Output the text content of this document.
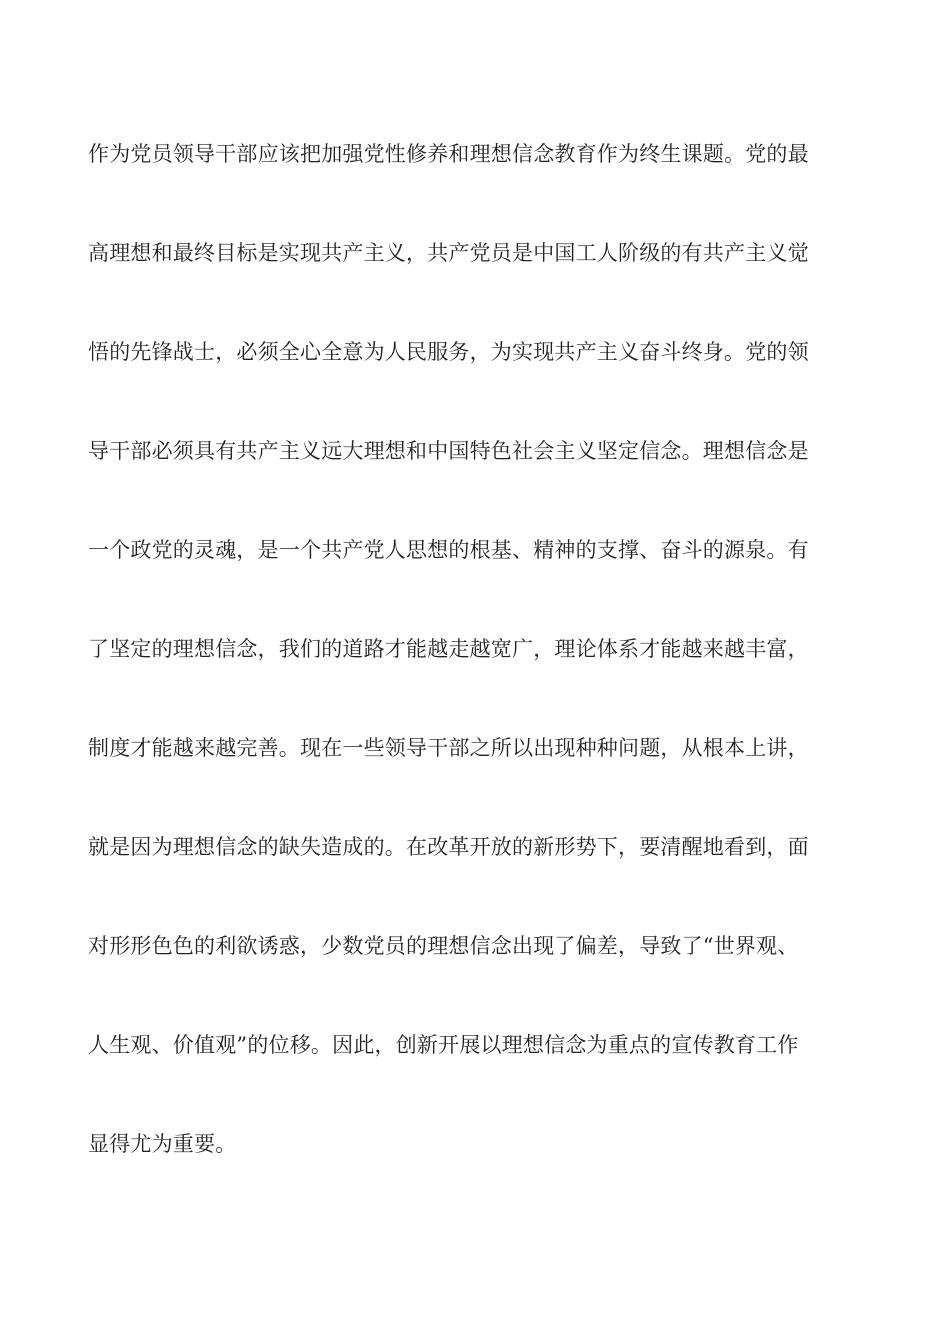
作为党员领导干部应该把加强党性修养和理想信念教育作为终生课题。党的最
高理想和最终目标是实现共产主义，共产党员是中国工人阶级的有共产主义觉
悟的先锋战士，必须全心全意为人民服务，为实现共产主义奋斗终身。党的领
导干部必须具有共产主义远大理想和中国特色社会主义坚定信念。理想信念是
一个政党的灵魂，是一个共产党人思想的根基、精神的支撑、奋斗的源泉。有
了坚定的理想信念，我们的道路才能越走越宽广，理论体系才能越来越丰富，
制度才能越来越完善。现在一些领导干部之所以出现种种问题，从根本上讲，
就是因为理想信念的缺失造成的。在改革开放的新形势下，要清醒地看到，面
对形形色色的利欲诱惑，少数党员的理想信念出现了偏差，导致了“世界观、
人生观、价值观”的位移。因此，创新开展以理想信念为重点的宣传教育工作
显得尤为重要。
